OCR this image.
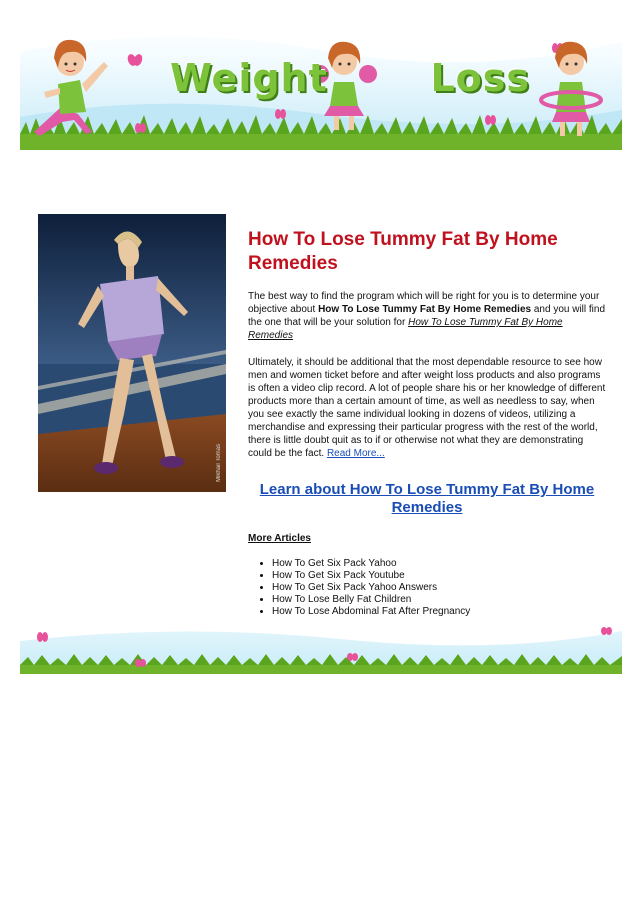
Weight	Loss
Mikhail Tomas
How To Lose Tummy Fat By Home Remedies

The best way to find the program which will be right for you is to determine your objective about How To Lose Tummy Fat By Home Remedies and you will find the one that will be your solution for How To Lose Tummy Fat By Home Remedies

Ultimately, it should be additional that the most dependable resource to see how men and women ticket before and after weight loss products and also programs is often a video clip record. A lot of people share his or her knowledge of different products more than a certain amount of time, as well as needless to say, when you see exactly the same individual looking in dozens of videos, utilizing a merchandise and expressing their particular progress with the rest of the world, there is little doubt quit as to if or otherwise not what they are demonstrating could be the fact. Read More...

Learn about How To Lose Tummy Fat By Home Remedies
More Articles
• How To Get Six Pack Yahoo
• How To Get Six Pack Youtube
• How To Get Six Pack Yahoo Answers
• How To Lose Belly Fat Children
• How To Lose Abdominal Fat After Pregnancy
